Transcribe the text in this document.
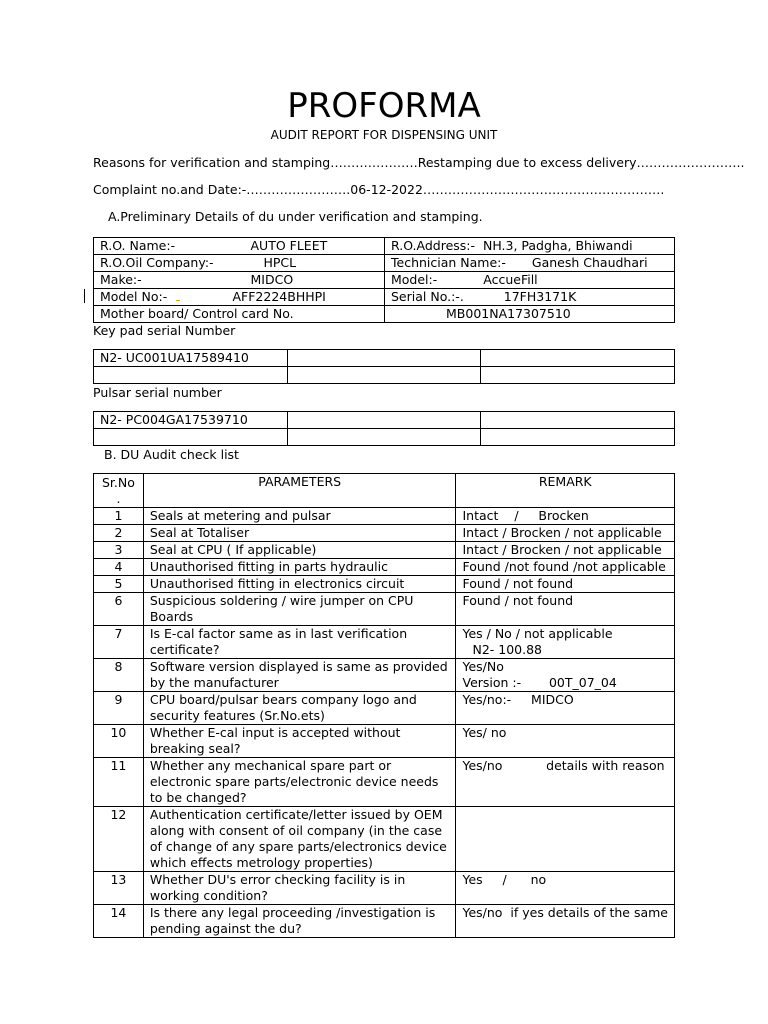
PROFORMA
AUDIT REPORT FOR DISPENSING UNIT
Reasons for verification and stamping…………………Restamping due to excess delivery……………………..
Complaint no.and Date:-…………………….06-12-2022………………………………………………….
A.Preliminary Details of du under verification and stamping.
R.O. Name:- AUTO FLEET	R.O.Address:- NH.3, Padgha, Bhiwandi
R.O.Oil Company:- HPCL	Technician Name:- Ganesh Chaudhari
Make:- MIDCO	Model:- AccueFill
Model No:- AFF2224BHHPI	Serial No.:-. 17FH3171K
Mother board/ Control card No.	MB001NA17307510
Key pad serial Number
N2- UC001UA17589410		

Pulsar serial number
N2- PC004GA17539710		

B. DU Audit check list
Sr.No
.	PARAMETERS	REMARK
1	Seals at metering and pulsar	Intact    /     Brocken

2	Seal at Totaliser	Intact / Brocken / not applicable

3	Seal at CPU ( If applicable)	Intact / Brocken / not applicable

4	Unauthorised fitting in parts hydraulic	Found /not found /not applicable

5	Unauthorised fitting in electronics circuit	Found / not found

6	Suspicious soldering / wire jumper on CPU Boards	Found / not found

7	Is E-cal factor same as in last verification certificate?	Yes / No / not applicable
N2- 100.88

8	Software version displayed is same as provided by the manufacturer	Yes/No
Version :-       00T_07_04

9	CPU board/pulsar bears company logo and security features (Sr.No.ets)	Yes/no:-     MIDCO

10	Whether E-cal input is accepted without breaking seal?	Yes/ no

11	Whether any mechanical spare part or electronic spare parts/electronic device needs to be changed?	Yes/no           details with reason

12	Authentication certificate/letter issued by OEM along with consent of oil company (in the case of change of any spare parts/electronics device which effects metrology properties)	

13	Whether DU's error checking facility is in working condition?	Yes     /      no

14	Is there any legal proceeding /investigation is pending against the du?	Yes/no  if yes details of the same
